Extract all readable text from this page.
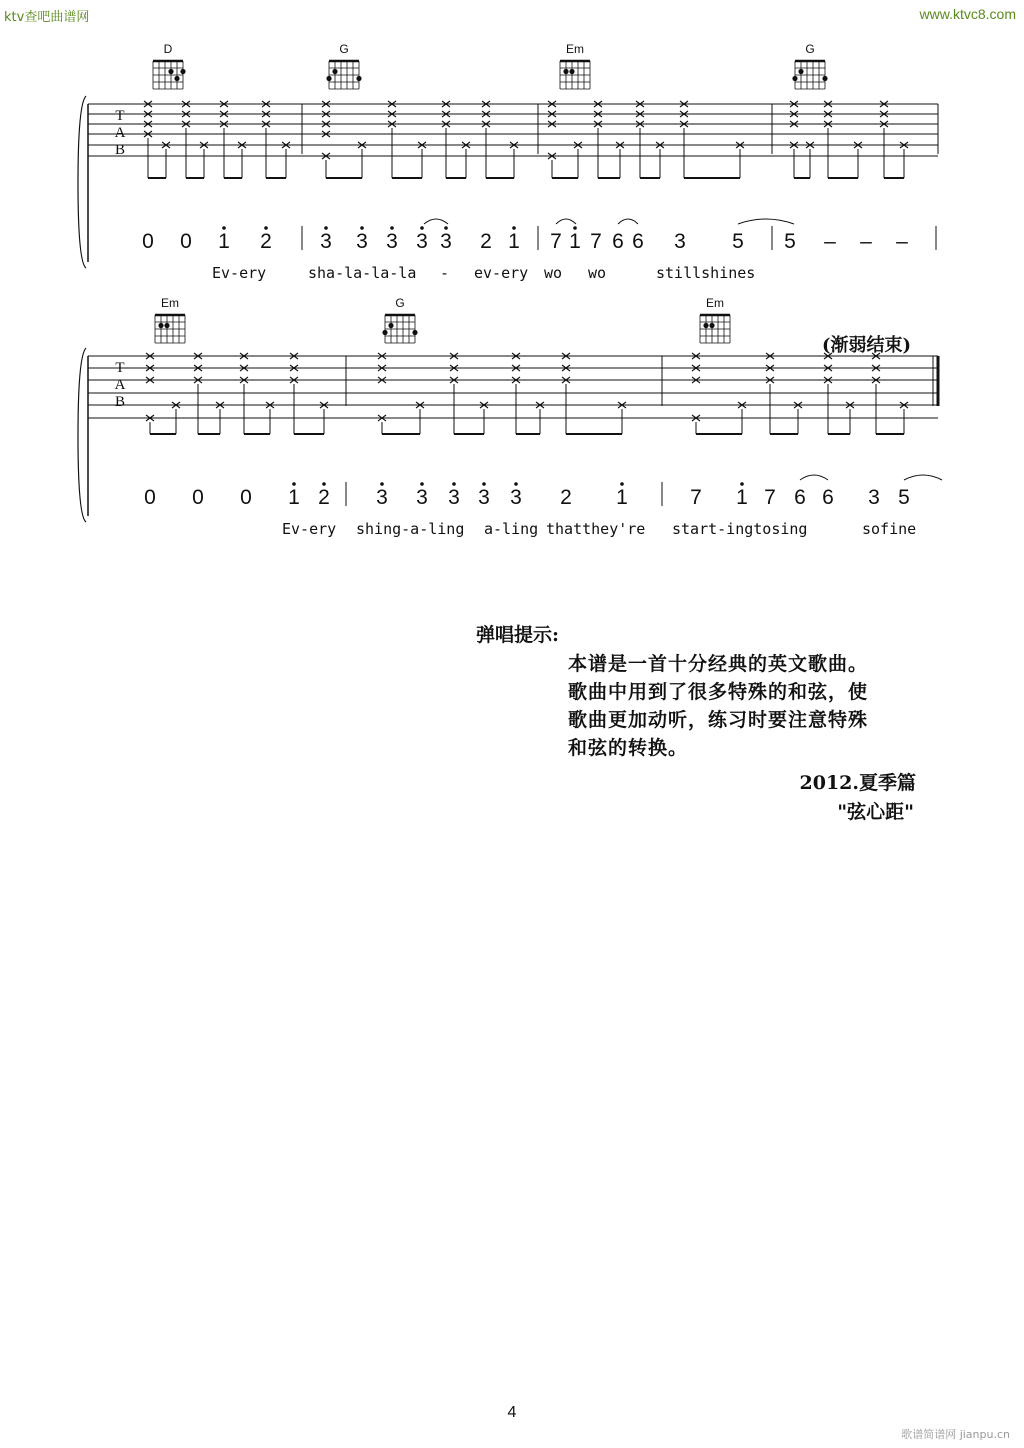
ktv查吧曲谱网	www.ktvc8.com
T
A
B
D	G	Em	G
0 0 1 2 3 3 3 3 3 2 1 7 1 7 6 6 3 5 5 – – –
Ev-ery	sha-la-la-la - ev-ery wo wo	stillshines
T
A
B
Em	G	Em
0 0 0 1 2 3 3 3 3 3 2 1	7 1 7 6 6 3 5
Ev-ery shing-a-ling a-ling thatthey're start-ingtosing	sofine
(渐弱结束)
弹唱提示:
本谱是一首十分经典的英文歌曲。
歌曲中用到了很多特殊的和弦，使
歌曲更加动听，练习时要注意特殊
和弦的转换。
2012.夏季篇
"弦心距"
4
歌谱简谱网 jianpu.cn
